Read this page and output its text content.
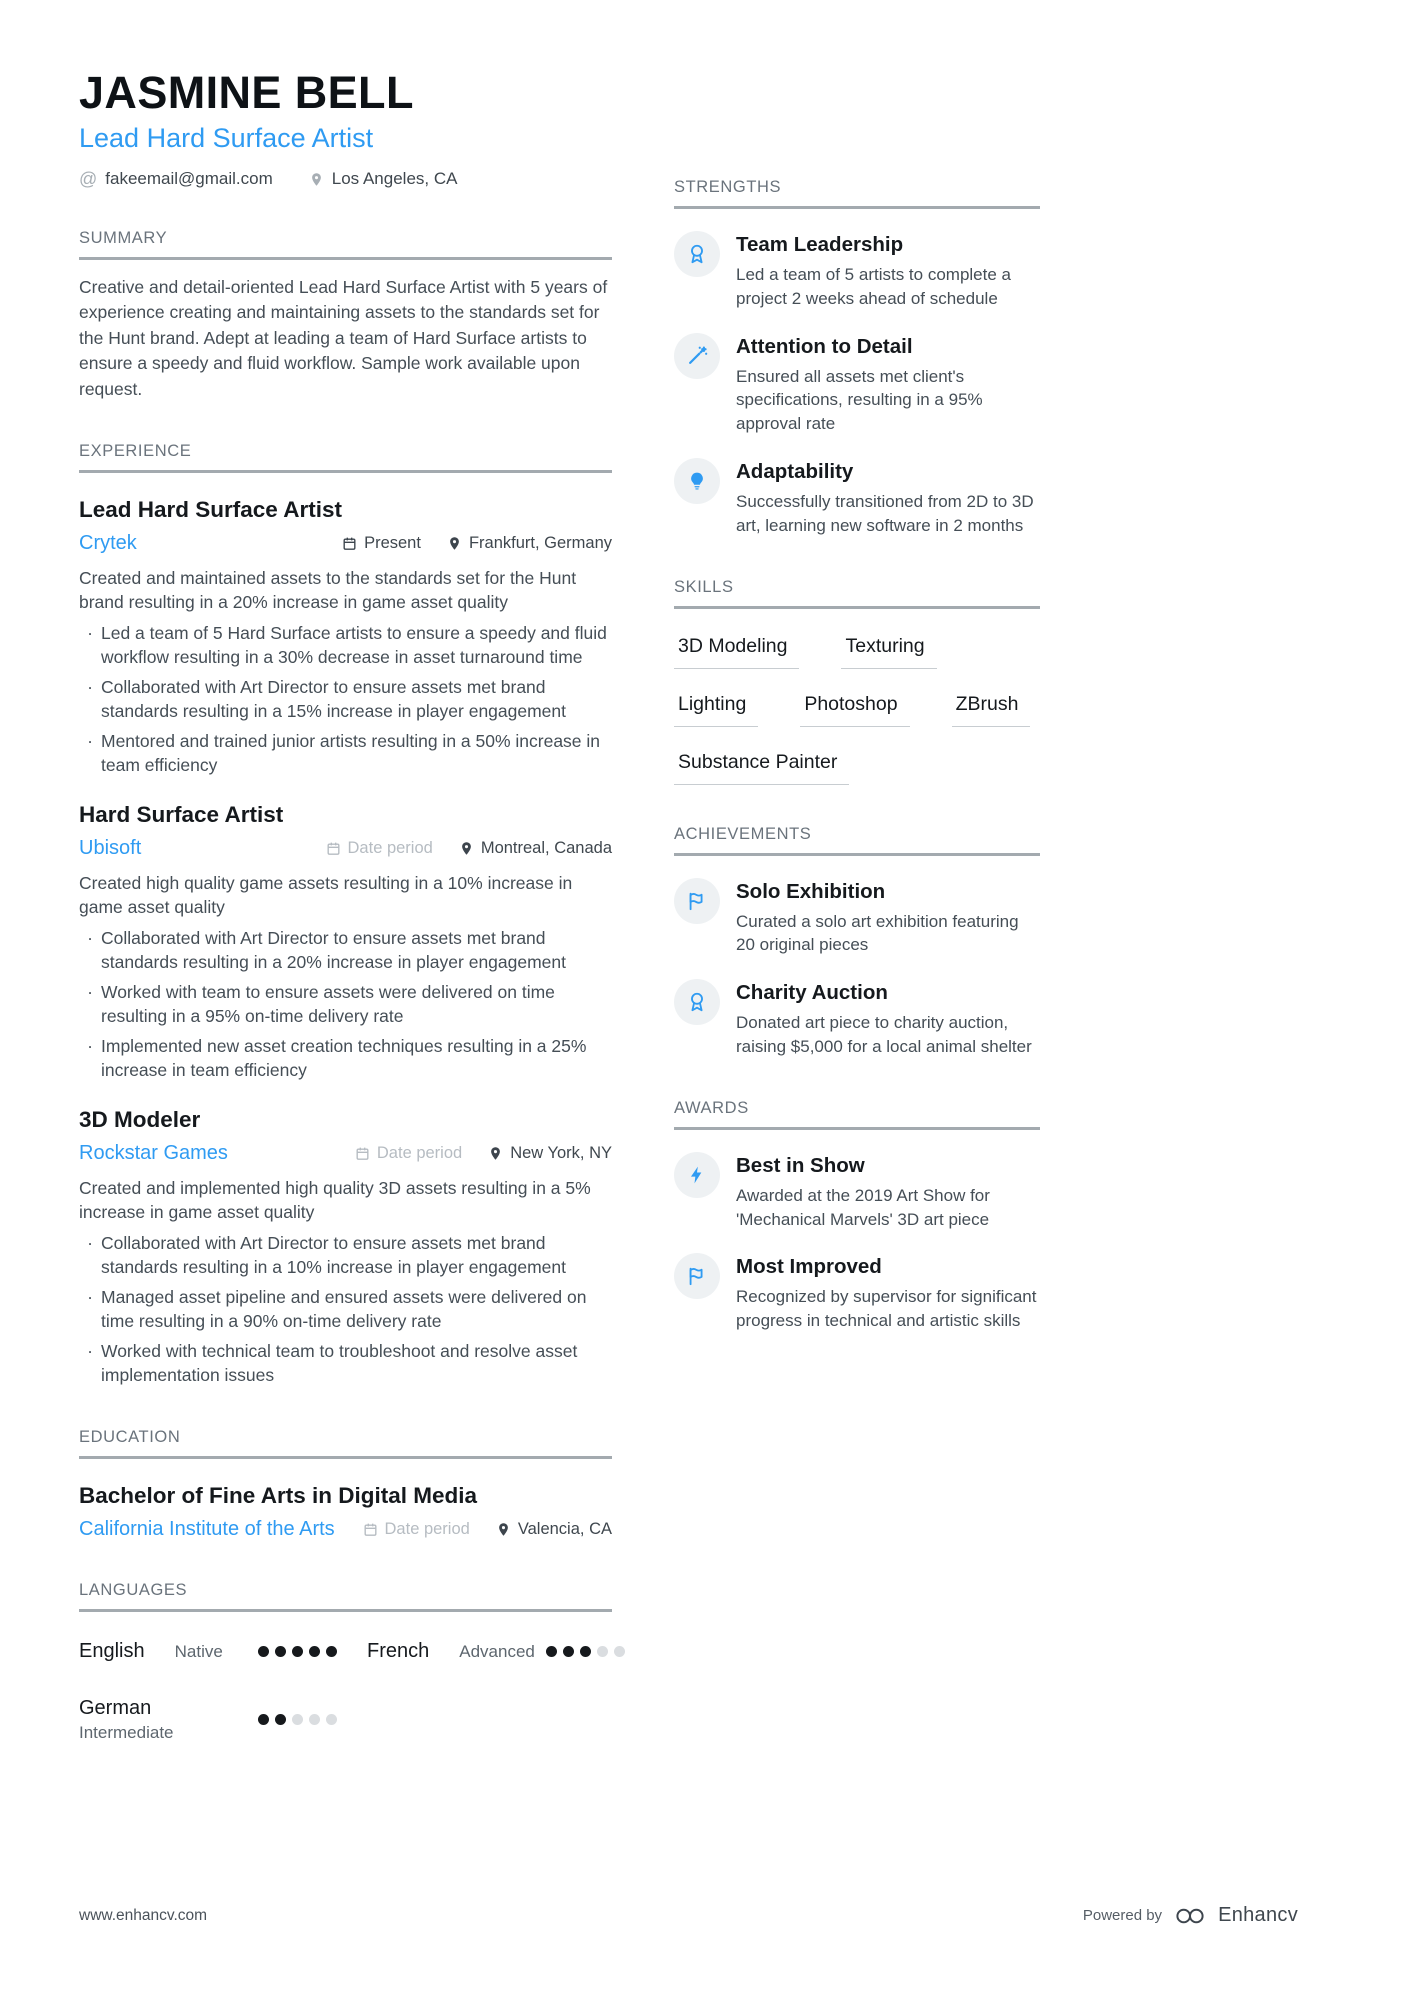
JASMINE BELL
Lead Hard Surface Artist
@ fakeemail@gmail.com	Los Angeles, CA
SUMMARY

Creative and detail-oriented Lead Hard Surface Artist with 5 years of experience creating and maintaining assets to the standards set for the Hunt brand. Adept at leading a team of Hard Surface artists to ensure a speedy and fluid workflow. Sample work available upon request.

EXPERIENCE
Lead Hard Surface Artist
Crytek	Present	Frankfurt, Germany

Created and maintained assets to the standards set for the Hunt brand resulting in a 20% increase in game asset quality

· Led a team of 5 Hard Surface artists to ensure a speedy and fluid workflow resulting in a 30% decrease in asset turnaround time
· Collaborated with Art Director to ensure assets met brand standards resulting in a 15% increase in player engagement
· Mentored and trained junior artists resulting in a 50% increase in team efficiency
Hard Surface Artist
Ubisoft	Date period	Montreal, Canada

Created high quality game assets resulting in a 10% increase in game asset quality

· Collaborated with Art Director to ensure assets met brand standards resulting in a 20% increase in player engagement
· Worked with team to ensure assets were delivered on time resulting in a 95% on-time delivery rate
· Implemented new asset creation techniques resulting in a 25% increase in team efficiency
3D Modeler
Rockstar Games	Date period	New York, NY

Created and implemented high quality 3D assets resulting in a 5% increase in game asset quality

· Collaborated with Art Director to ensure assets met brand standards resulting in a 10% increase in player engagement
· Managed asset pipeline and ensured assets were delivered on time resulting in a 90% on-time delivery rate
· Worked with technical team to troubleshoot and resolve asset implementation issues
EDUCATION
Bachelor of Fine Arts in Digital Media
California Institute of the Arts	Date period	Valencia, CA
LANGUAGES
English Native	French Advanced
German
Intermediate
STRENGTHS
Team Leadership

Led a team of 5 artists to complete a project 2 weeks ahead of schedule

Attention to Detail

Ensured all assets met client's specifications, resulting in a 95% approval rate

Adaptability

Successfully transitioned from 2D to 3D art, learning new software in 2 months

SKILLS
3D Modeling	Texturing
Lighting	Photoshop	ZBrush
Substance Painter
ACHIEVEMENTS
Solo Exhibition

Curated a solo art exhibition featuring 20 original pieces

Charity Auction

Donated art piece to charity auction, raising $5,000 for a local animal shelter

AWARDS
Best in Show

Awarded at the 2019 Art Show for 'Mechanical Marvels' 3D art piece

Most Improved

Recognized by supervisor for significant progress in technical and artistic skills

www.enhancv.com	Powered by	Enhancv
